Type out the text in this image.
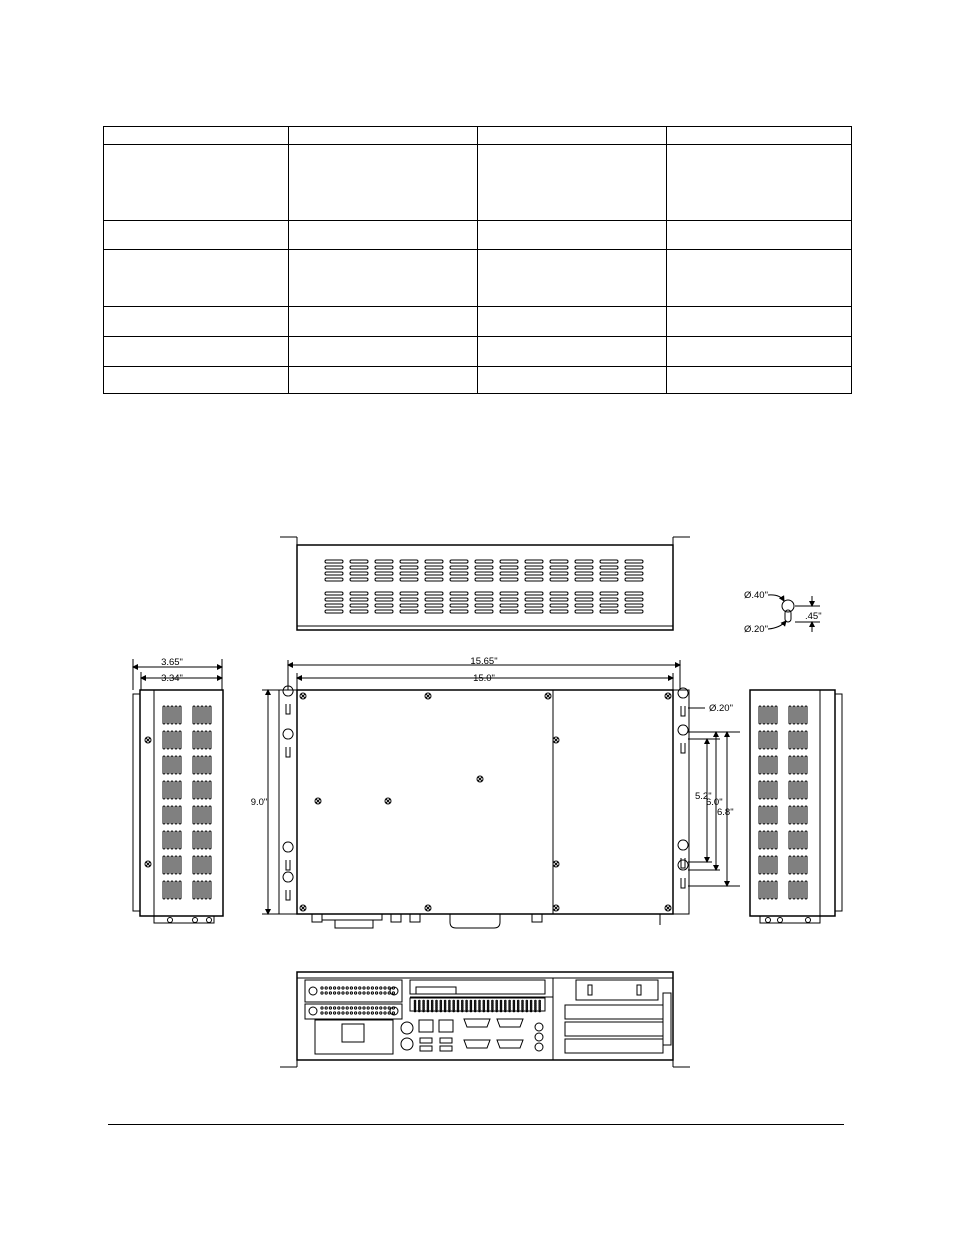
Ø.40"
Ø.20"
.45"
3.65"
3.34"
15.65"
15.0"
9.0"
Ø.20"
5.2"
6.0"
6.8"
